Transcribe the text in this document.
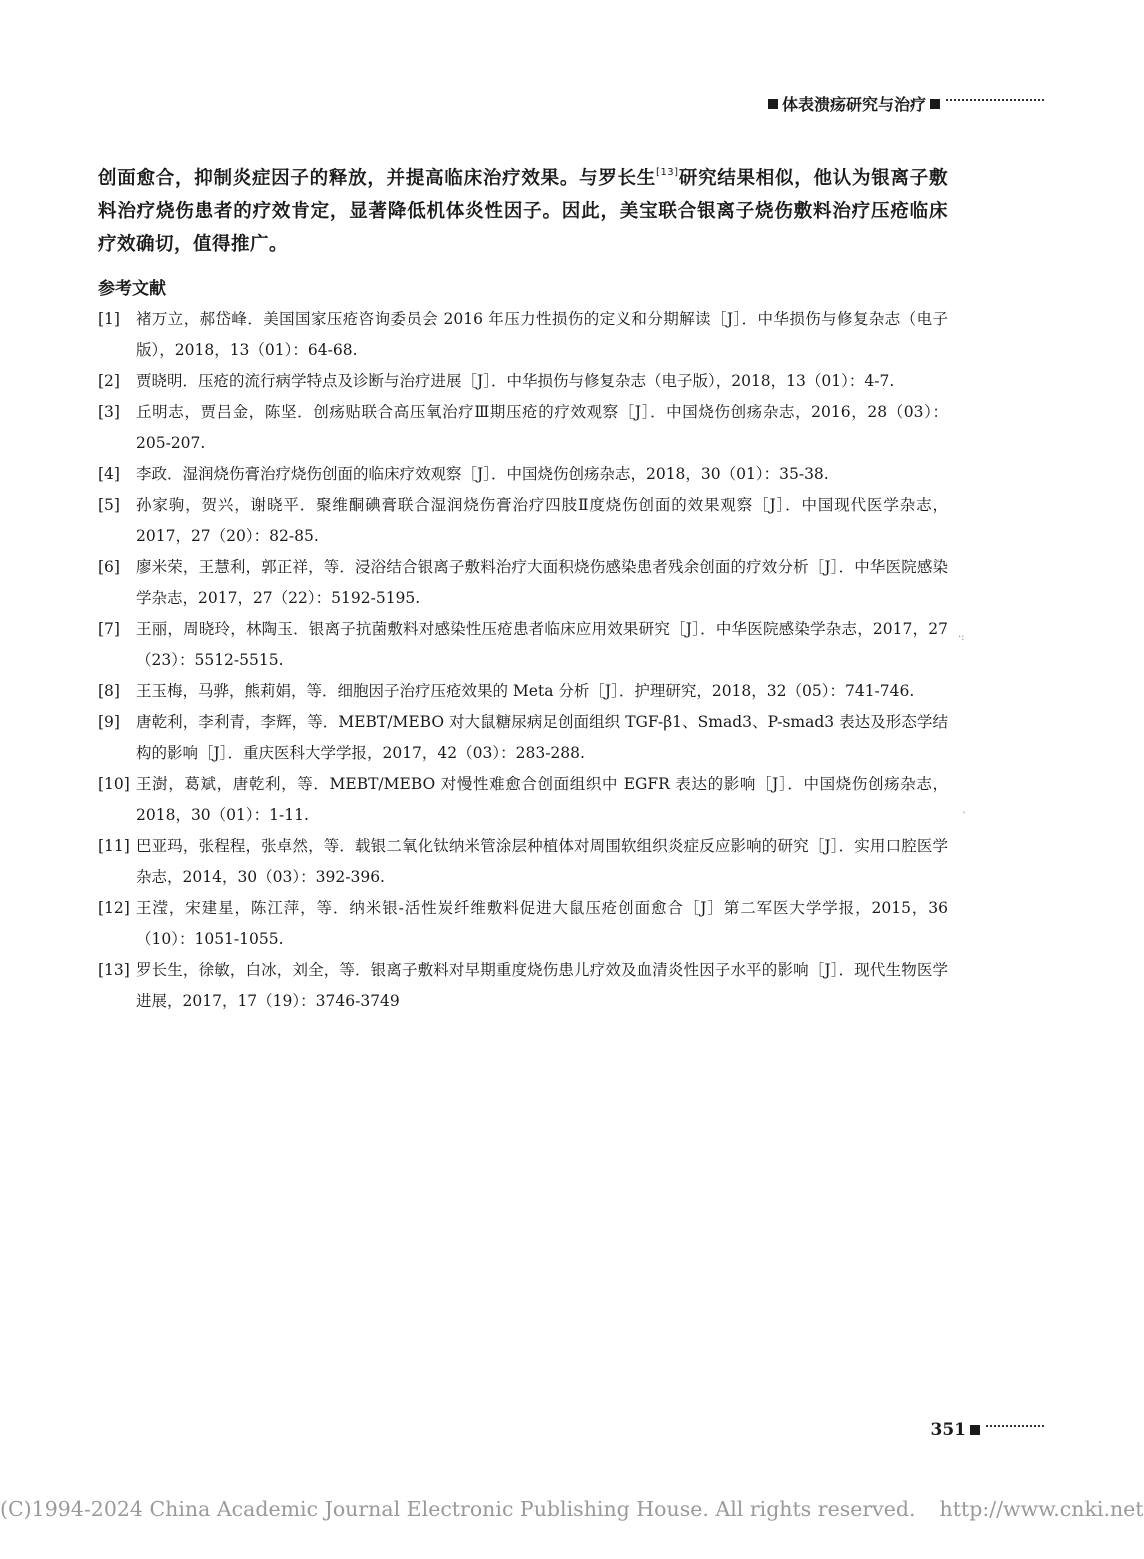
体表溃疡研究与治疗

创面愈合，抑制炎症因子的释放，并提高临床治疗效果。与罗长生[13]研究结果相似，他认为银离子敷料治疗烧伤患者的疗效肯定，显著降低机体炎性因子。因此，美宝联合银离子烧伤敷料治疗压疮临床疗效确切，值得推广。

参考文献
[1] 褚万立，郝岱峰．美国国家压疮咨询委员会 2016 年压力性损伤的定义和分期解读［J］．中华损伤与修复杂志（电子版），2018，13（01）：64-68.
[2] 贾晓明．压疮的流行病学特点及诊断与治疗进展［J］．中华损伤与修复杂志（电子版），2018，13（01）：4-7.
[3] 丘明志，贾吕金，陈坚．创疡贴联合高压氧治疗Ⅲ期压疮的疗效观察［J］．中国烧伤创疡杂志，2016，28（03）：205-207.
[4] 李政．湿润烧伤膏治疗烧伤创面的临床疗效观察［J］．中国烧伤创疡杂志，2018，30（01）：35-38.
[5] 孙家驹，贺兴，谢晓平．聚维酮碘膏联合湿润烧伤膏治疗四肢Ⅱ度烧伤创面的效果观察［J］．中国现代医学杂志，2017，27（20）：82-85.
[6] 廖米荣，王慧利，郭正祥，等．浸浴结合银离子敷料治疗大面积烧伤感染患者残余创面的疗效分析［J］．中华医院感染学杂志，2017，27（22）：5192-5195.
[7] 王丽，周晓玲，林陶玉．银离子抗菌敷料对感染性压疮患者临床应用效果研究［J］．中华医院感染学杂志，2017，27（23）：5512-5515.
[8] 王玉梅，马骅，熊莉娟，等．细胞因子治疗压疮效果的 Meta 分析［J］．护理研究，2018，32（05）：741-746.
[9] 唐乾利，李利青，李辉，等．MEBT/MEBO 对大鼠糖尿病足创面组织 TGF-β1、Smad3、P-smad3 表达及形态学结构的影响［J］．重庆医科大学学报，2017，42（03）：283-288.
[10] 王澍，葛斌，唐乾利，等．MEBT/MEBO 对慢性难愈合创面组织中 EGFR 表达的影响［J］．中国烧伤创疡杂志，2018，30（01）：1-11.
[11] 巴亚玛，张程程，张卓然，等．载银二氧化钛纳米管涂层种植体对周围软组织炎症反应影响的研究［J］．实用口腔医学杂志，2014，30（03）：392-396.
[12] 王滢，宋建星，陈江萍，等．纳米银-活性炭纤维敷料促进大鼠压疮创面愈合［J］第二军医大学学报，2015，36（10）：1051-1055.
[13] 罗长生，徐敏，白冰，刘全，等．银离子敷料对早期重度烧伤患儿疗效及血清炎性因子水平的影响［J］．现代生物医学进展，2017，17（19）：3746-3749
·:
`
351
(C)1994-2024 China Academic Journal Electronic Publishing House. All rights reserved. http://www.cnki.net
